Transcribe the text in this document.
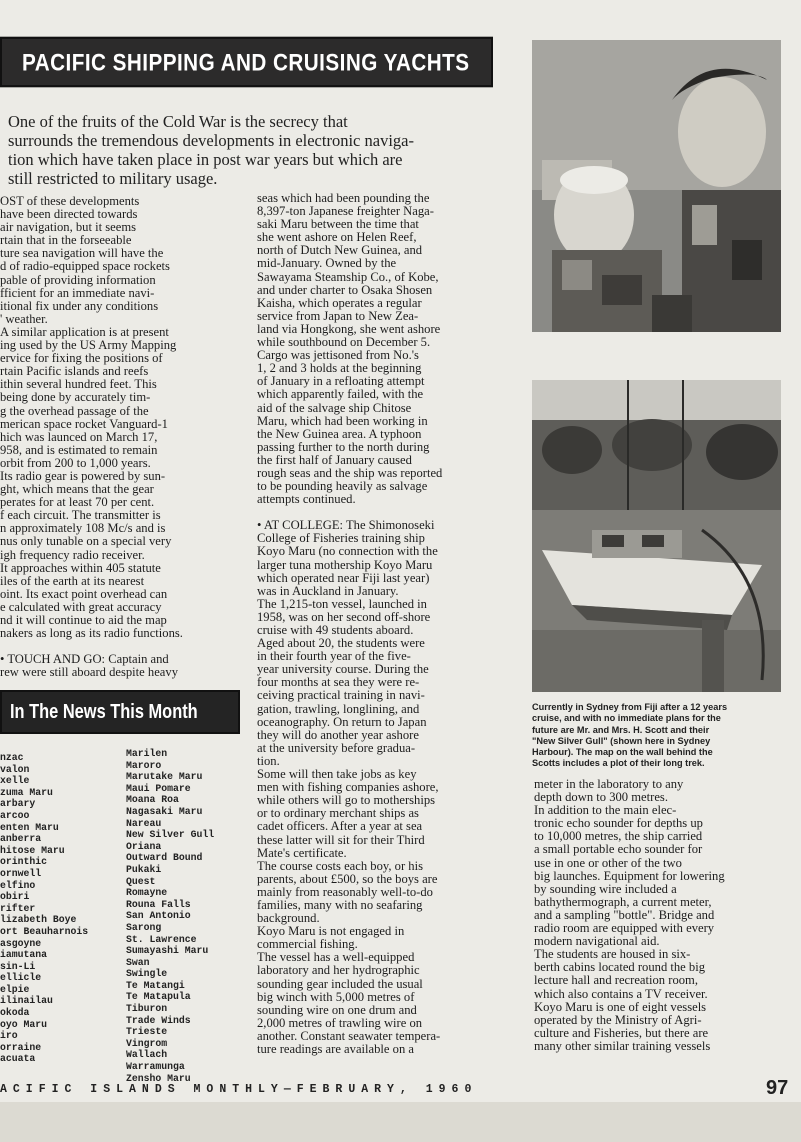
PACIFIC SHIPPING AND CRUISING YACHTS
One of the fruits of the Cold War is the secrecy that
surrounds the tremendous developments in electronic naviga-
tion which have taken place in post war years but which are
still restricted to military usage.
OST of these developments
have been directed towards
air navigation, but it seems
rtain that in the forseeable
ture sea navigation will have the
d of radio-equipped space rockets
pable of providing information
fficient for an immediate navi-
itional fix under any conditions
' weather.
A similar application is at present
ing used by the US Army Mapping
ervice for fixing the positions of
rtain Pacific islands and reefs
ithin several hundred feet. This
being done by accurately tim-
g the overhead passage of the
merican space rocket Vanguard-1
hich was launced on March 17,
958, and is estimated to remain
orbit from 200 to 1,000 years.
Its radio gear is powered by sun-
ght, which means that the gear
perates for at least 70 per cent.
f each circuit. The transmitter is
n approximately 108 Mc/s and is
nus only tunable on a special very
igh frequency radio receiver.
It approaches within 405 statute
iles of the earth at its nearest
oint. Its exact point overhead can
e calculated with great accuracy
nd it will continue to aid the map
nakers as long as its radio functions.
• TOUCH AND GO: Captain and
rew were still aboard despite heavy
seas which had been pounding the
8,397-ton Japanese freighter Naga-
saki Maru between the time that
she went ashore on Helen Reef,
north of Dutch New Guinea, and
mid-January. Owned by the
Sawayama Steamship Co., of Kobe,
and under charter to Osaka Shosen
Kaisha, which operates a regular
service from Japan to New Zea-
land via Hongkong, she went ashore
while southbound on December 5.
Cargo was jettisoned from No.'s
1, 2 and 3 holds at the beginning
of January in a refloating attempt
which apparently failed, with the
aid of the salvage ship Chitose
Maru, which had been working in
the New Guinea area. A typhoon
passing further to the north during
the first half of January caused
rough seas and the ship was reported
to be pounding heavily as salvage
attempts continued.
• AT COLLEGE: The Shimonoseki
College of Fisheries training ship
Koyo Maru (no connection with the
larger tuna mothership Koyo Maru
which operated near Fiji last year)
was in Auckland in January.
The 1,215-ton vessel, launched in
1958, was on her second off-shore
cruise with 49 students aboard.
Aged about 20, the students were
in their fourth year of the five-
year university course. During the
four months at sea they were re-
ceiving practical training in navi-
gation, trawling, longlining, and
oceanography. On return to Japan
they will do another year ashore
at the university before gradua-
tion.
Some will then take jobs as key
men with fishing companies ashore,
while others will go to motherships
or to ordinary merchant ships as
cadet officers. After a year at sea
these latter will sit for their Third
Mate's certificate.
The course costs each boy, or his
parents, about £500, so the boys are
mainly from reasonably well-to-do
families, many with no seafaring
background.
Koyo Maru is not engaged in
commercial fishing.
The vessel has a well-equipped
laboratory and her hydrographic
sounding gear included the usual
big winch with 5,000 metres of
sounding wire on one drum and
2,000 metres of trawling wire on
another. Constant seawater tempera-
ture readings are available on a
meter in the laboratory to any
depth down to 300 metres.
In addition to the main elec-
tronic echo sounder for depths up
to 10,000 metres, the ship carried
a small portable echo sounder for
use in one or other of the two
big launches. Equipment for lowering
by sounding wire included a
bathythermograph, a current meter,
and a sampling "bottle". Bridge and
radio room are equipped with every
modern navigational aid.
The students are housed in six-
berth cabins located round the big
lecture hall and recreation room,
which also contains a TV receiver.
Koyo Maru is one of eight vessels
operated by the Ministry of Agri-
culture and Fisheries, but there are
many other similar training vessels
In The News This Month
nzac
valon
xelle
zuma Maru
arbary
arcoo
enten Maru
anberra
hitose Maru
orinthic
ornwell
elfino
obiri
rifter
lizabeth Boye
ort Beauharnois
asgoyne
iamutana
sin-Li
ellicle
elpie
ilinailau
okoda
oyo Maru
iro
orraine
acuata
Marilen
Maroro
Marutake Maru
Maui Pomare
Moana Roa
Nagasaki Maru
Nareau
New Silver Gull
Oriana
Outward Bound
Pukaki
Quest
Romayne
Rouna Falls
San Antonio
Sarong
St. Lawrence
Sumayashi Maru
Swan
Swingle
Te Matangi
Te Matapula
Tiburon
Trade Winds
Trieste
Vingrom
Wallach
Warramunga
Zensho Maru
Currently in Sydney from Fiji after a 12 years
cruise, and with no immediate plans for the
future are Mr. and Mrs. H. Scott and their
"New Silver Gull" (shown here in Sydney
Harbour). The map on the wall behind the
Scotts includes a plot of their long trek.
ACIFIC ISLANDS MONTHLY—FEBRUARY, 1960	97
